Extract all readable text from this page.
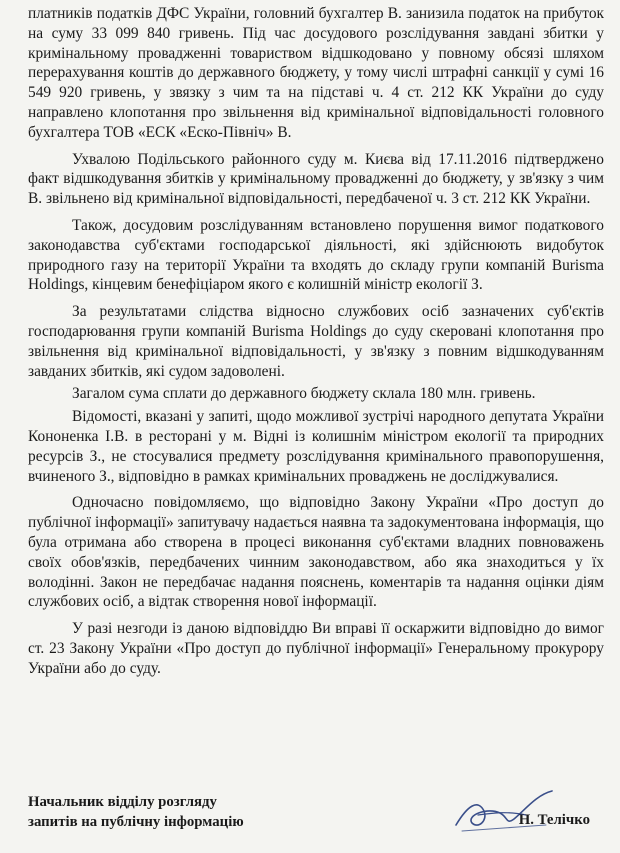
платників податків ДФС України, головний бухгалтер В. занизила податок на прибуток на суму 33 099 840 гривень. Під час досудового розслідування завдані збитки у кримінальному провадженні товариством відшкодовано у повному обсязі шляхом перерахування коштів до державного бюджету, у тому числі штрафні санкції у сумі 16 549 920 гривень, у звязку з чим та на підставі ч. 4 ст. 212 КК України до суду направлено клопотання про звільнення від кримінальної відповідальності головного бухгалтера ТОВ «ЕСК «Еско-Північ» В.

Ухвалою Подільського районного суду м. Києва від 17.11.2016 підтверджено факт відшкодування збитків у кримінальному провадженні до бюджету, у зв'язку з чим В. звільнено від кримінальної відповідальності, передбаченої ч. 3 ст. 212 КК України.

Також, досудовим розслідуванням встановлено порушення вимог податкового законодавства суб'єктами господарської діяльності, які здійснюють видобуток природного газу на території України та входять до складу групи компаній Burisma Holdings, кінцевим бенефіціаром якого є колишній міністр екології З.

За результатами слідства відносно службових осіб зазначених суб'єктів господарювання групи компаній Burisma Holdings до суду скеровані клопотання про звільнення від кримінальної відповідальності, у зв'язку з повним відшкодуванням завданих збитків, які судом задоволені.

Загалом сума сплати до державного бюджету склала 180 млн. гривень.

Відомості, вказані у запиті, щодо можливої зустрічі народного депутата України Кононенка І.В. в ресторані у м. Відні із колишнім міністром екології та природних ресурсів З., не стосувалися предмету розслідування кримінального правопорушення, вчиненого З., відповідно в рамках кримінальних проваджень не досліджувалися.

Одночасно повідомляємо, що відповідно Закону України «Про доступ до публічної інформації» запитувачу надається наявна та задокументована інформація, що була отримана або створена в процесі виконання суб'єктами владних повноважень своїх обов'язків, передбачених чинним законодавством, або яка знаходиться у їх володінні. Закон не передбачає надання пояснень, коментарів та надання оцінки діям службових осіб, а відтак створення нової інформації.

У разі незгоди із даною відповіддю Ви вправі її оскаржити відповідно до вимог ст. 23 Закону України «Про доступ до публічної інформації» Генеральному прокурору України або до суду.

Начальник відділу розгляду
запитів на публічну інформацію	Н. Телічко
